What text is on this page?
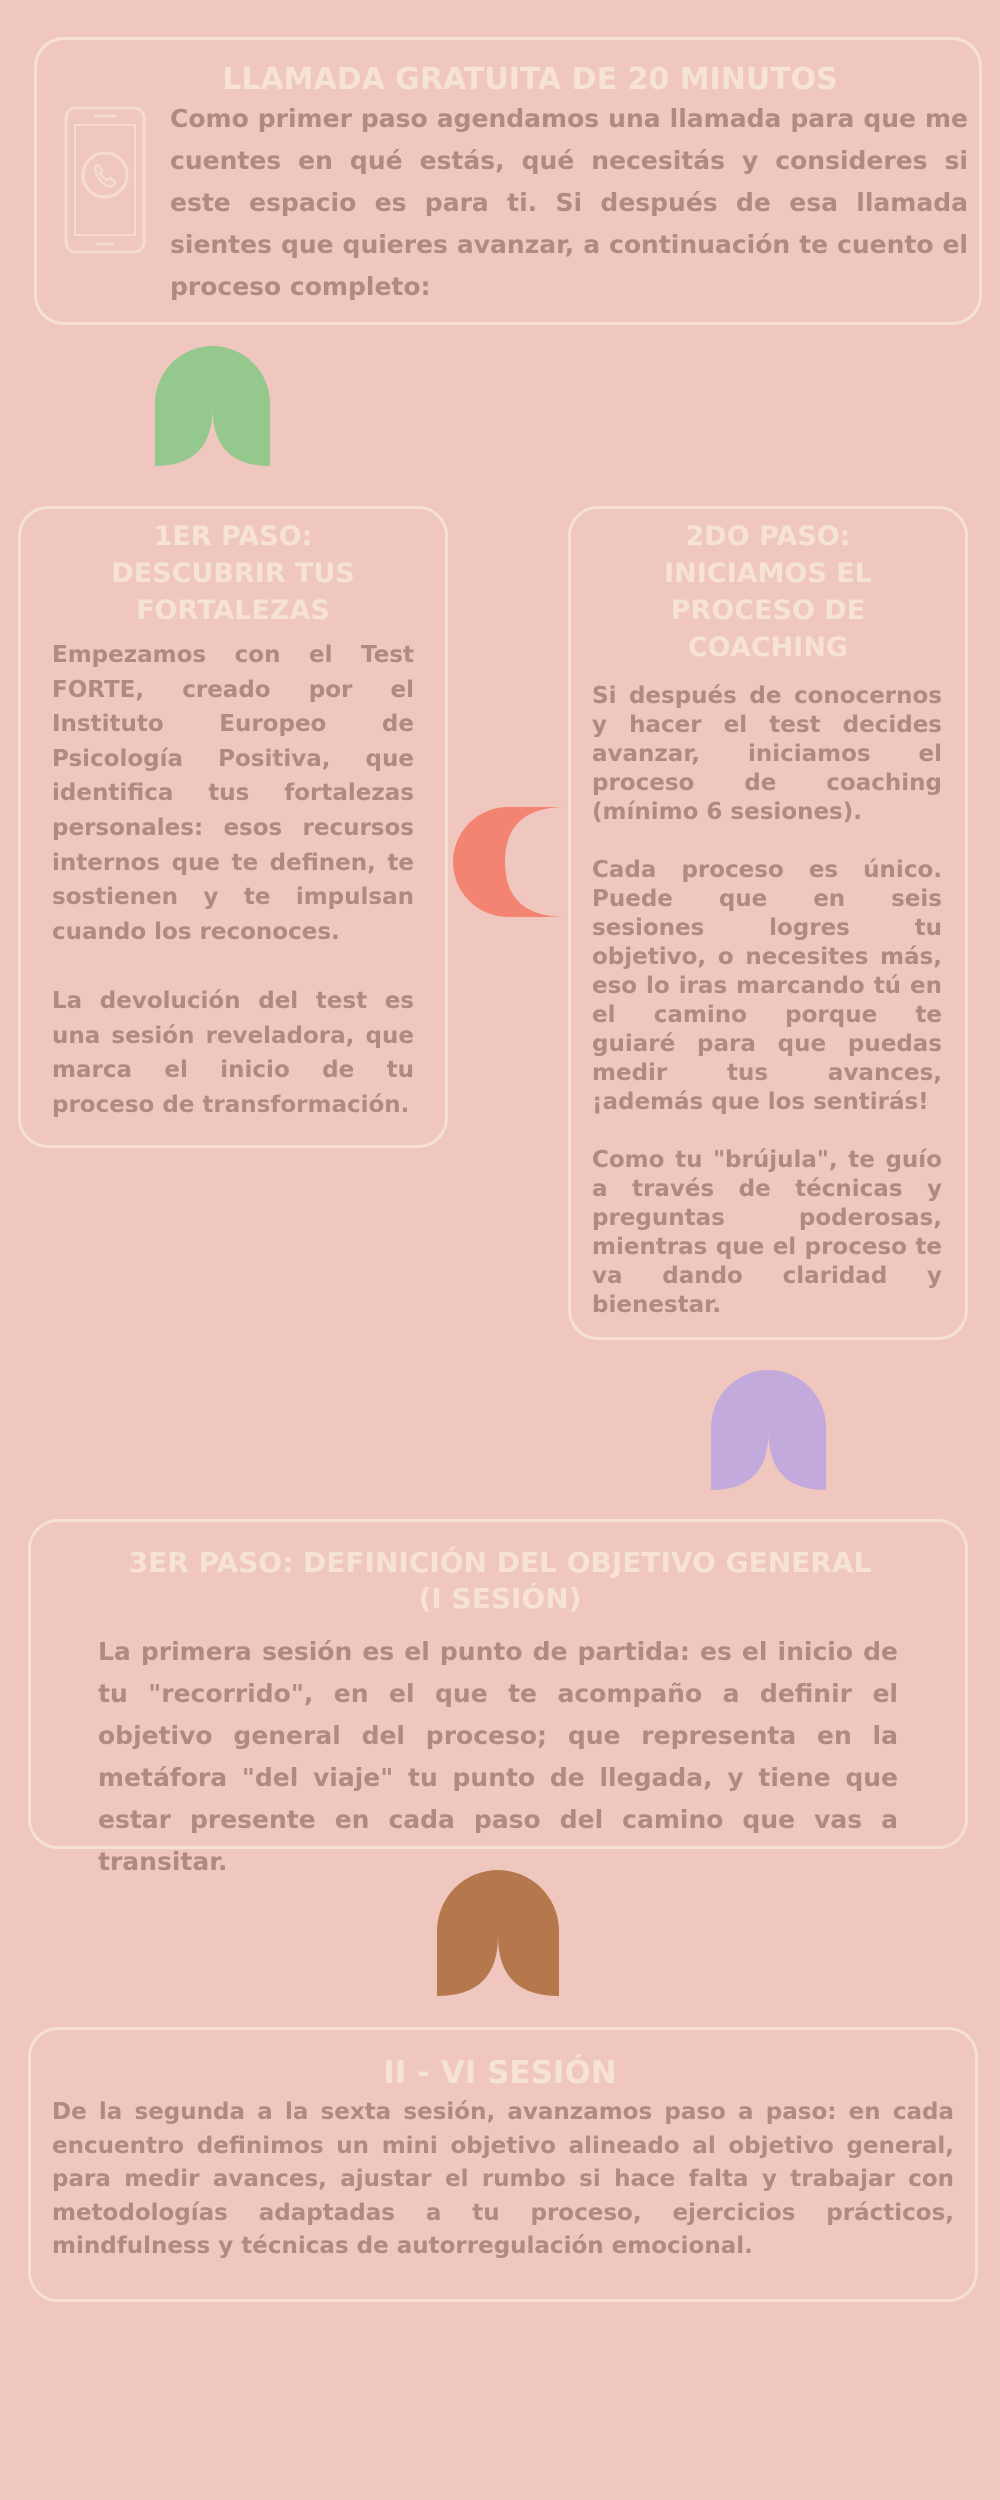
LLAMADA GRATUITA DE 20 MINUTOS

Como primer paso agendamos una llamada para que me cuentes en qué estás, qué necesitás y consideres si este espacio es para ti. Si después de esa llamada sientes que quieres avanzar, a continuación te cuento el proceso completo:

1ER PASO:
DESCUBRIR TUS
FORTALEZAS

Empezamos con el Test FORTE, creado por el Instituto Europeo de Psicología Positiva, que identifica tus fortalezas personales: esos recursos internos que te definen, te sostienen y te impulsan cuando los reconoces.

La devolución del test es una sesión reveladora, que marca el inicio de tu proceso de transformación.

2DO PASO:
INICIAMOS EL
PROCESO DE
COACHING

Si después de conocernos y hacer el test decides avanzar, iniciamos el proceso de coaching (mínimo 6 sesiones).

Cada proceso es único. Puede que en seis sesiones logres tu objetivo, o necesites más, eso lo iras marcando tú en el camino porque te guiaré para que puedas medir tus avances, ¡además que los sentirás!

Como tu "brújula", te guío a través de técnicas y preguntas poderosas, mientras que el proceso te va dando claridad y bienestar.

3ER PASO: DEFINICIÓN DEL OBJETIVO GENERAL
(I SESIÓN)

La primera sesión es el punto de partida: es el inicio de tu "recorrido", en el que te acompaño a definir el objetivo general del proceso; que representa en la metáfora "del viaje" tu punto de llegada, y tiene que estar presente en cada paso del camino que vas a transitar.

II - VI SESIÓN

De la segunda a la sexta sesión, avanzamos paso a paso: en cada encuentro definimos un mini objetivo alineado al objetivo general, para medir avances, ajustar el rumbo si hace falta y trabajar con metodologías adaptadas a tu proceso, ejercicios prácticos, mindfulness y técnicas de autorregulación emocional.
